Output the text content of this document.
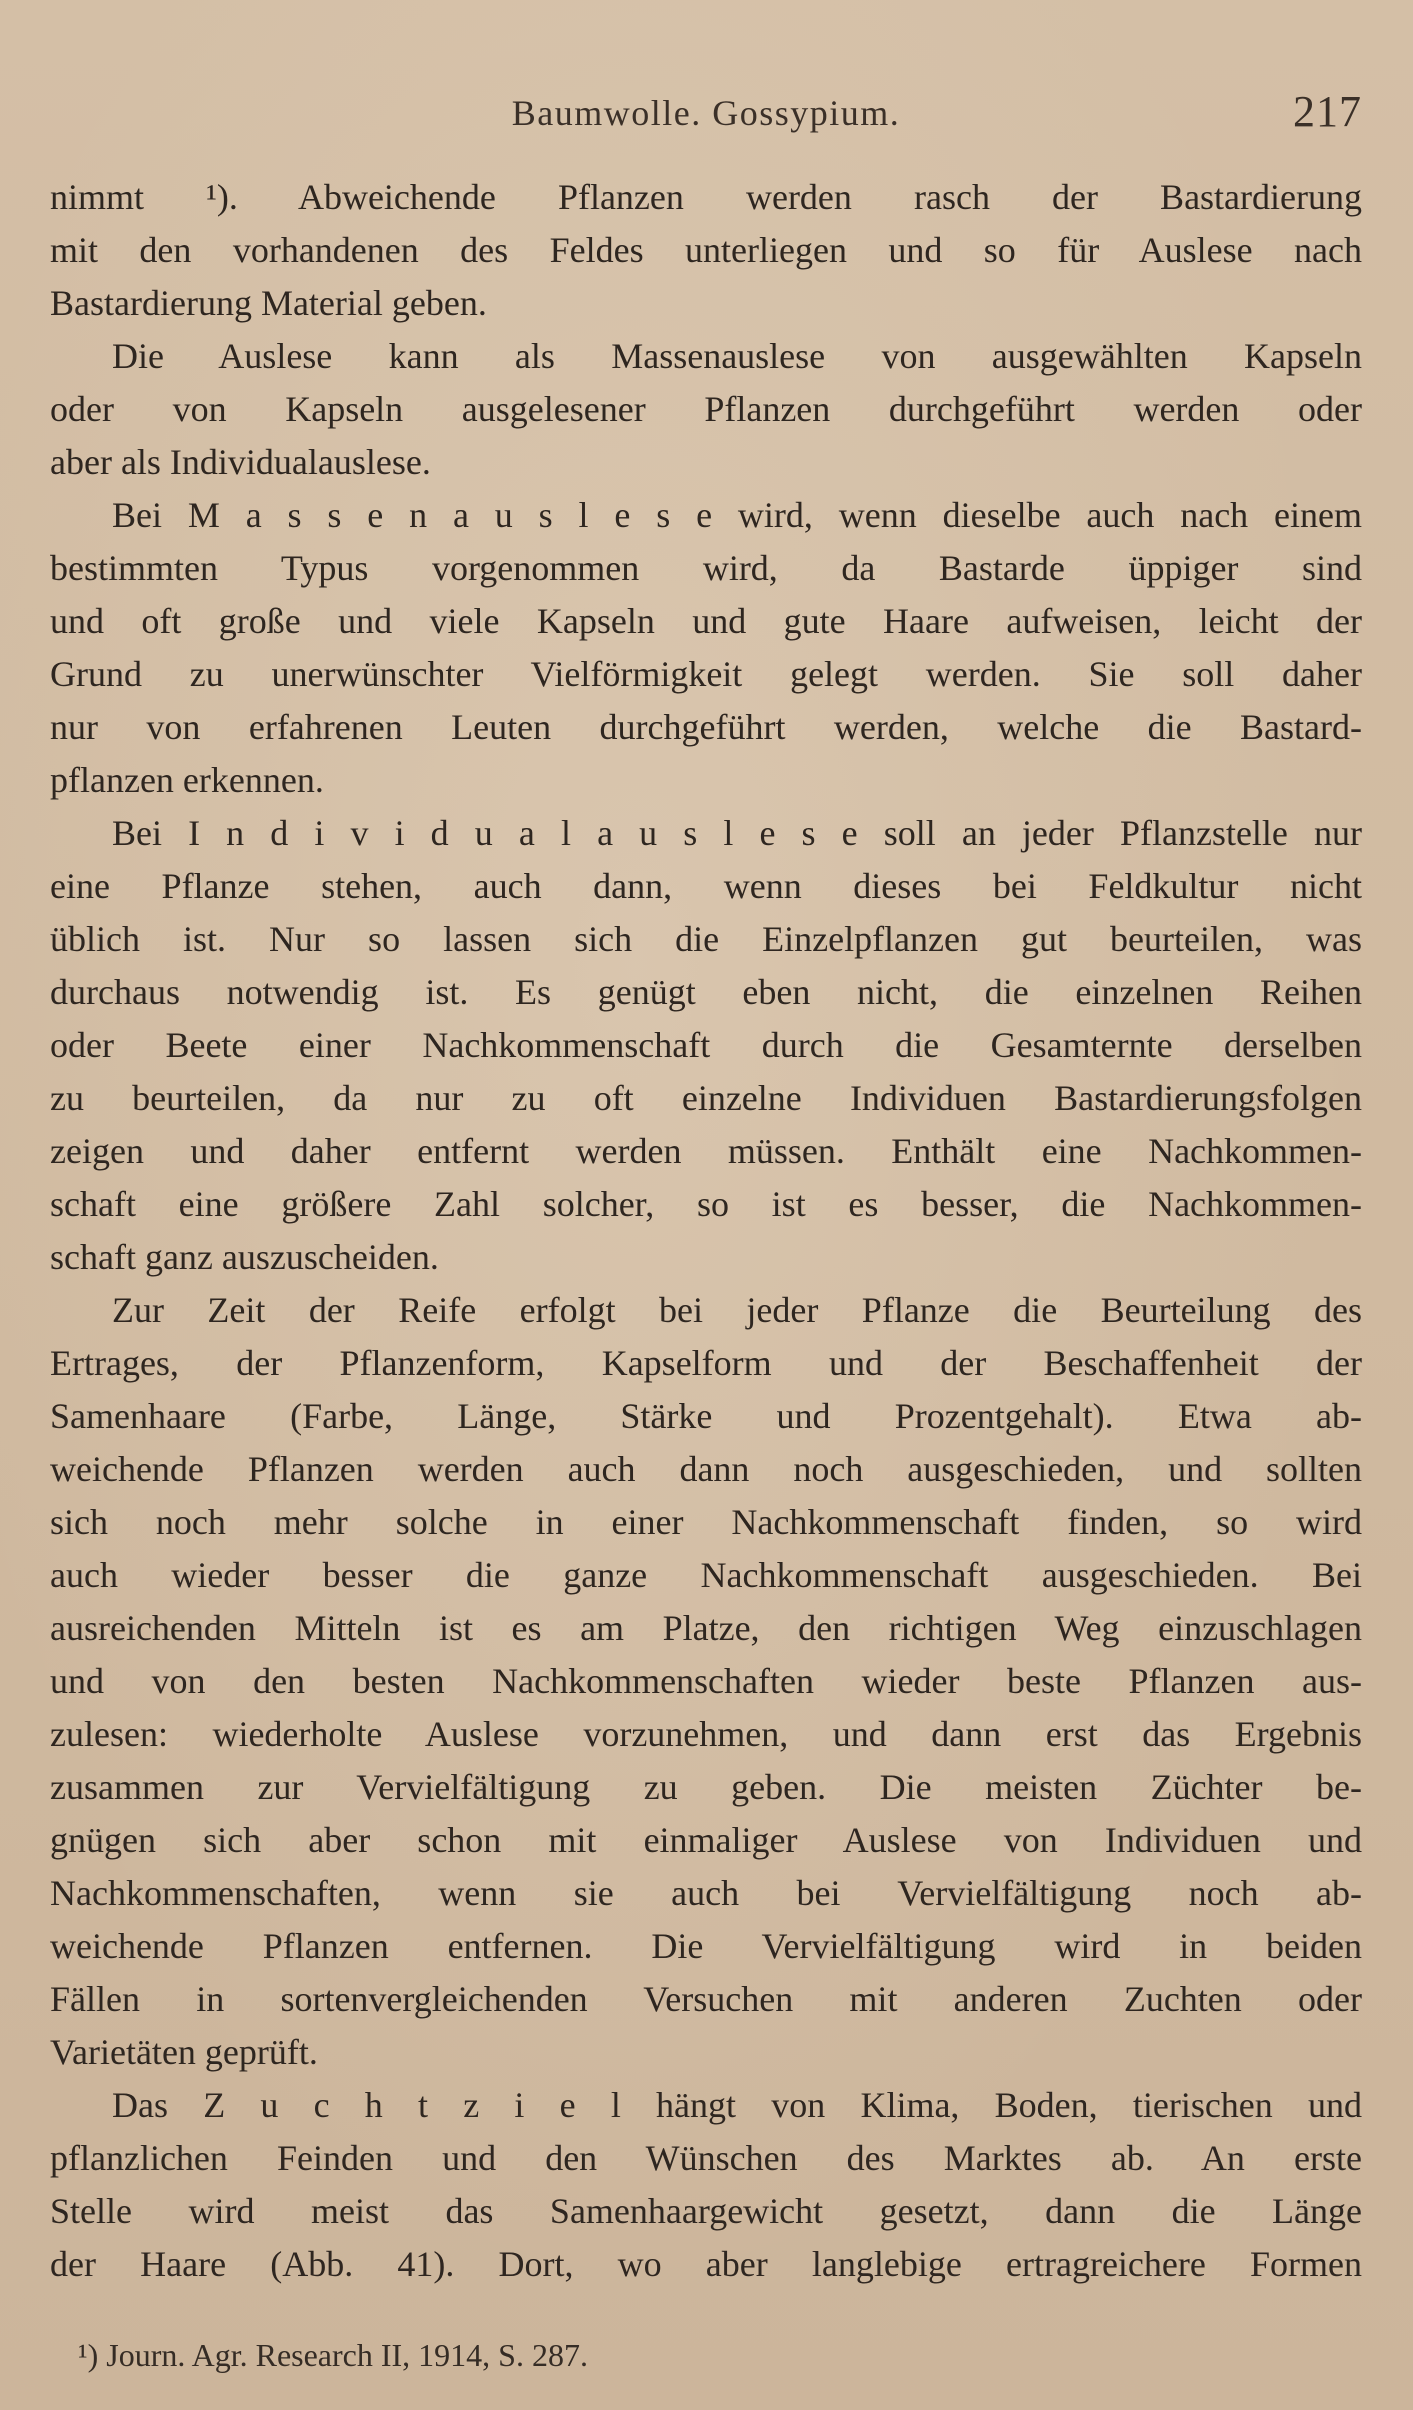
Baumwolle. Gossypium.	217
nimmt ¹). Abweichende Pflanzen werden rasch der Bastardierung
mit den vorhandenen des Feldes unterliegen und so für Auslese nach
Bastardierung Material geben.
Die Auslese kann als Massenauslese von ausgewählten Kapseln
oder von Kapseln ausgelesener Pflanzen durchgeführt werden oder
aber als Individualauslese.
Bei M a s s e n a u s l e s e wird, wenn dieselbe auch nach einem
bestimmten Typus vorgenommen wird, da Bastarde üppiger sind
und oft große und viele Kapseln und gute Haare aufweisen, leicht der
Grund zu unerwünschter Vielförmigkeit gelegt werden. Sie soll daher
nur von erfahrenen Leuten durchgeführt werden, welche die Bastard-
pflanzen erkennen.
Bei I n d i v i d u a l a u s l e s e soll an jeder Pflanzstelle nur
eine Pflanze stehen, auch dann, wenn dieses bei Feldkultur nicht
üblich ist. Nur so lassen sich die Einzelpflanzen gut beurteilen, was
durchaus notwendig ist. Es genügt eben nicht, die einzelnen Reihen
oder Beete einer Nachkommenschaft durch die Gesamternte derselben
zu beurteilen, da nur zu oft einzelne Individuen Bastardierungsfolgen
zeigen und daher entfernt werden müssen. Enthält eine Nachkommen-
schaft eine größere Zahl solcher, so ist es besser, die Nachkommen-
schaft ganz auszuscheiden.
Zur Zeit der Reife erfolgt bei jeder Pflanze die Beurteilung des
Ertrages, der Pflanzenform, Kapselform und der Beschaffenheit der
Samenhaare (Farbe, Länge, Stärke und Prozentgehalt). Etwa ab-
weichende Pflanzen werden auch dann noch ausgeschieden, und sollten
sich noch mehr solche in einer Nachkommenschaft finden, so wird
auch wieder besser die ganze Nachkommenschaft ausgeschieden. Bei
ausreichenden Mitteln ist es am Platze, den richtigen Weg einzuschlagen
und von den besten Nachkommenschaften wieder beste Pflanzen aus-
zulesen: wiederholte Auslese vorzunehmen, und dann erst das Ergebnis
zusammen zur Vervielfältigung zu geben. Die meisten Züchter be-
gnügen sich aber schon mit einmaliger Auslese von Individuen und
Nachkommenschaften, wenn sie auch bei Vervielfältigung noch ab-
weichende Pflanzen entfernen. Die Vervielfältigung wird in beiden
Fällen in sortenvergleichenden Versuchen mit anderen Zuchten oder
Varietäten geprüft.
Das Z u c h t z i e l hängt von Klima, Boden, tierischen und
pflanzlichen Feinden und den Wünschen des Marktes ab. An erste
Stelle wird meist das Samenhaargewicht gesetzt, dann die Länge
der Haare (Abb. 41). Dort, wo aber langlebige ertragreichere Formen
¹) Journ. Agr. Research II, 1914, S. 287.
